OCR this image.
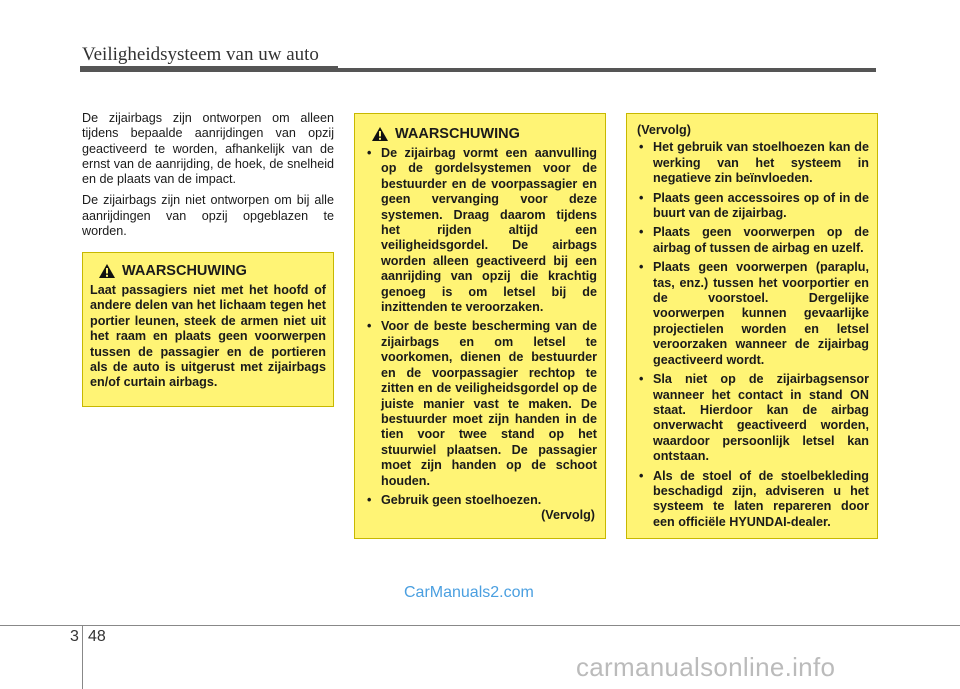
Veiligheidsysteem van uw auto

De zijairbags zijn ontworpen om alleen tijdens bepaalde aanrijdingen van opzij geactiveerd te worden, afhankelijk van de ernst van de aanrijding, de hoek, de snelheid en de plaats van de impact.

De zijairbags zijn niet ontworpen om bij alle aanrijdingen van opzij opgeblazen te worden.

WAARSCHUWING

Laat passagiers niet met het hoofd of andere delen van het lichaam tegen het portier leunen, steek de armen niet uit het raam en plaats geen voorwerpen tussen de passagier en de portieren als de auto is uitgerust met zijairbags en/of curtain airbags.

WAARSCHUWING
• De zijairbag vormt een aanvulling op de gordelsystemen voor de bestuurder en de voorpassagier en geen vervanging voor deze systemen. Draag daarom tijdens het rijden altijd een veiligheidsgordel. De airbags worden alleen geactiveerd bij een aanrijding van opzij die krachtig genoeg is om letsel bij de inzittenden te veroorzaken.
• Voor de beste bescherming van de zijairbags en om letsel te voorkomen, dienen de bestuurder en de voorpassagier rechtop te zitten en de veiligheidsgordel op de juiste manier vast te maken. De bestuurder moet zijn handen in de tien voor twee stand op het stuurwiel plaatsen. De passagier moet zijn handen op de schoot houden.
• Gebruik geen stoelhoezen.
(Vervolg)
(Vervolg)
• Het gebruik van stoelhoezen kan de werking van het systeem in negatieve zin beïnvloeden.
• Plaats geen accessoires op of in de buurt van de zijairbag.
• Plaats geen voorwerpen op de airbag of tussen de airbag en uzelf.
• Plaats geen voorwerpen (paraplu, tas, enz.) tussen het voorportier en de voorstoel. Dergelijke voorwerpen kunnen gevaarlijke projectielen worden en letsel veroorzaken wanneer de zijairbag geactiveerd wordt.
• Sla niet op de zijairbagsensor wanneer het contact in stand ON staat. Hierdoor kan de airbag onverwacht geactiveerd worden, waardoor persoonlijk letsel kan ontstaan.
• Als de stoel of de stoelbekleding beschadigd zijn, adviseren u het systeem te laten repareren door een officiële HYUNDAI-dealer.
CarManuals2.com
3 48
carmanualsonline.info
